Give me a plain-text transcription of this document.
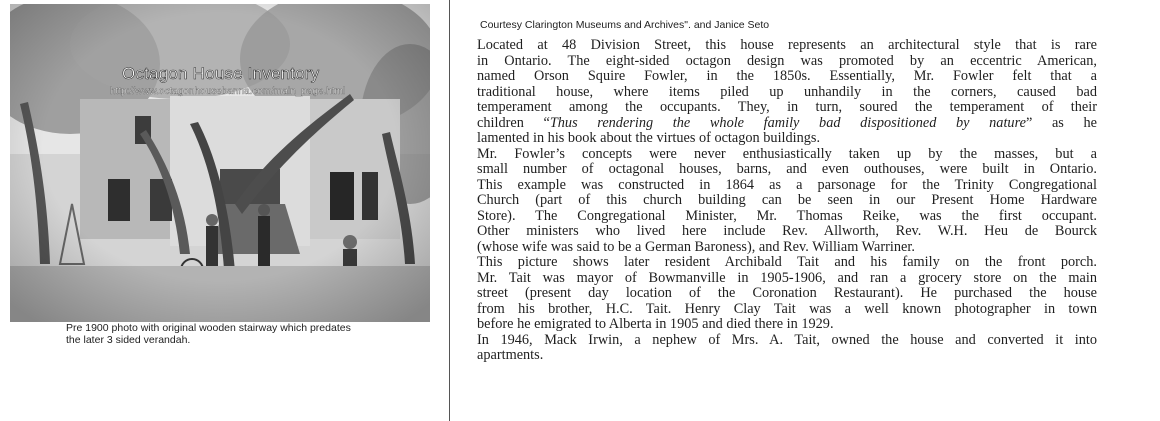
Octagon House Inventory
http://www.octagonhousebanna.com/main_page.html
Pre 1900 photo with original wooden stairway which predates
the later 3 sided verandah.
Courtesy Clarington Museums and Archives". and Janice Seto
Located at 48 Division Street, this house represents an architectural style that is rare
in Ontario. The eight-sided octagon design was promoted by an eccentric American,
named Orson Squire Fowler, in the 1850s. Essentially, Mr. Fowler felt that a
traditional house, where items piled up unhandily in the corners, caused bad
temperament among the occupants. They, in turn, soured the temperament of their
children “Thus rendering the whole family bad dispositioned by nature” as he
lamented in his book about the virtues of octagon buildings.
Mr. Fowler’s concepts were never enthusiastically taken up by the masses, but a
small number of octagonal houses, barns, and even outhouses, were built in Ontario.
This example was constructed in 1864 as a parsonage for the Trinity Congregational
Church (part of this church building can be seen in our Present Home Hardware
Store). The Congregational Minister, Mr. Thomas Reike, was the first occupant.
Other ministers who lived here include Rev. Allworth, Rev. W.H. Heu de Bourck
(whose wife was said to be a German Baroness), and Rev. William Warriner.
This picture shows later resident Archibald Tait and his family on the front porch.
Mr. Tait was mayor of Bowmanville in 1905-1906, and ran a grocery store on the main
street (present day location of the Coronation Restaurant). He purchased the house
from his brother, H.C. Tait. Henry Clay Tait was a well known photographer in town
before he emigrated to Alberta in 1905 and died there in 1929.
In 1946, Mack Irwin, a nephew of Mrs. A. Tait, owned the house and converted it into
apartments.
